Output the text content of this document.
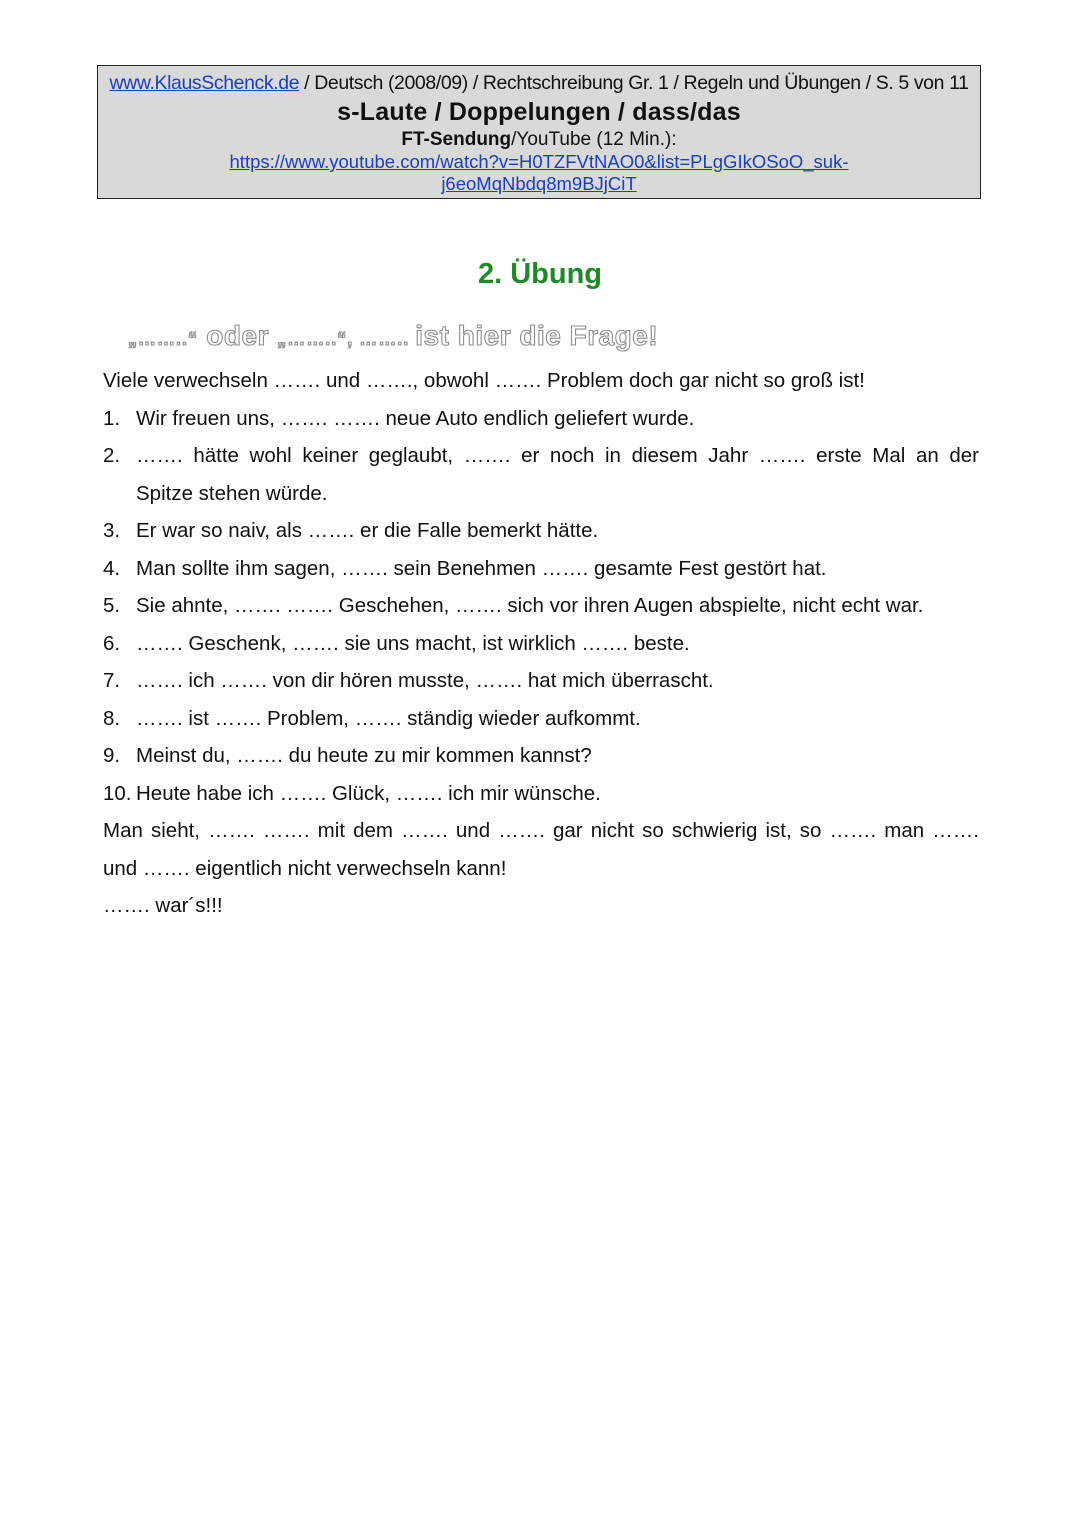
www.KlausSchenck.de / Deutsch (2008/09) / Rechtschreibung Gr. 1 / Regeln und Übungen / S. 5 von 11
s-Laute / Doppelungen / dass/das
FT-Sendung/YouTube (12 Min.):
https://www.youtube.com/watch?v=H0TZFVtNAO0&list=PLgGIkOSoO_suk-
j6eoMqNbdq8m9BJjCiT
2. Übung
„……..“ oder „……..“, …….. ist hier die Frage!

Viele verwechseln ……. und ……., obwohl ……. Problem doch gar nicht so groß ist!

1. Wir freuen uns, ……. ……. neue Auto endlich geliefert wurde.
2. ……. hätte wohl keiner geglaubt, ……. er noch in diesem Jahr ……. erste Mal an der
Spitze stehen würde.
3. Er war so naiv, als ……. er die Falle bemerkt hätte.
4. Man sollte ihm sagen, ……. sein Benehmen ……. gesamte Fest gestört hat.
5. Sie ahnte, ……. ……. Geschehen, ……. sich vor ihren Augen abspielte, nicht echt war.
6. ……. Geschenk, ……. sie uns macht, ist wirklich ……. beste.
7. ……. ich ……. von dir hören musste, ……. hat mich überrascht.
8. ……. ist ……. Problem, ……. ständig wieder aufkommt.
9. Meinst du, ……. du heute zu mir kommen kannst?
10. Heute habe ich ……. Glück, ……. ich mir wünsche.

Man sieht, ……. ……. mit dem ……. und ……. gar nicht so schwierig ist, so ……. man …….

und ……. eigentlich nicht verwechseln kann!

……. war´s!!!
